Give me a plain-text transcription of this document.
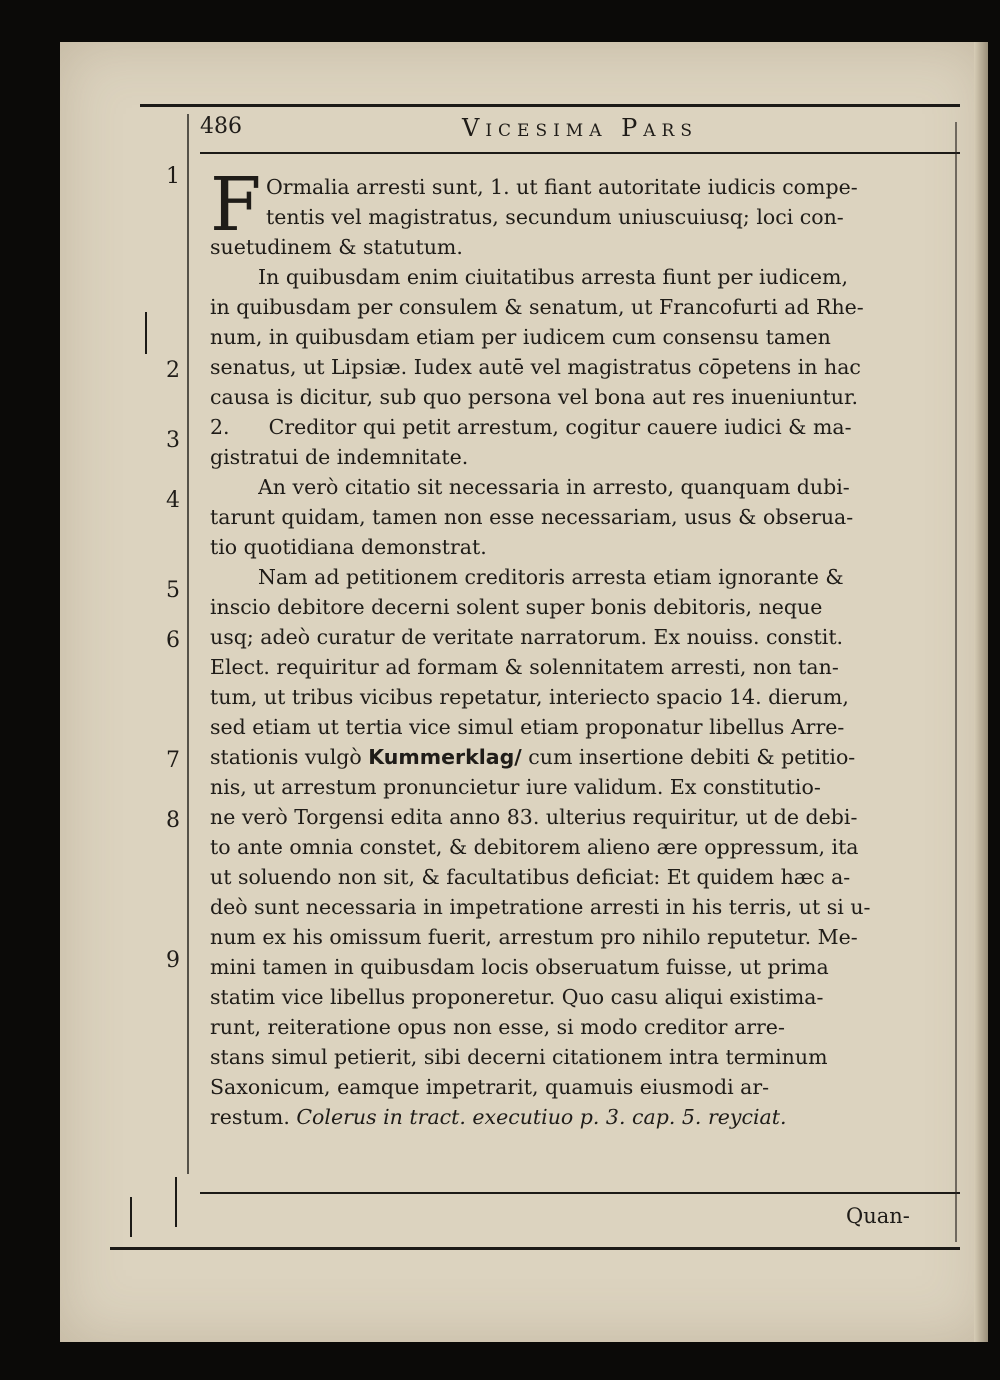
486	Vicesima Pars
1
2
3
4
5
6
7
8
9
F Ormalia arresti sunt, 1. ut fiant autoritate iudicis compe-
tentis vel magistratus, secundum uniuscuiusq; loci con-
suetudinem & statutum.
In quibusdam enim ciuitatibus arresta fiunt per iudicem,
in quibusdam per consulem & senatum, ut Francofurti ad Rhe-
num, in quibusdam etiam per iudicem cum consensu tamen
senatus, ut Lipsiæ. Iudex autē vel magistratus cōpetens in hac
causa is dicitur, sub quo persona vel bona aut res inueniuntur.
2.      Creditor qui petit arrestum, cogitur cauere iudici & ma-
gistratui de indemnitate.
An verò citatio sit necessaria in arresto, quanquam dubi-
tarunt quidam, tamen non esse necessariam, usus & obserua-
tio quotidiana demonstrat.
Nam ad petitionem creditoris arresta etiam ignorante &
inscio debitore decerni solent super bonis debitoris, neque
usq; adeò curatur de veritate narratorum. Ex nouiss. constit.
Elect. requiritur ad formam & solennitatem arresti, non tan-
tum, ut tribus vicibus repetatur, interiecto spacio 14. dierum,
sed etiam ut tertia vice simul etiam proponatur libellus Arre-
stationis vulgò Kummerklag/ cum insertione debiti & petitio-
nis, ut arrestum pronuncietur iure validum. Ex constitutio-
ne verò Torgensi edita anno 83. ulterius requiritur, ut de debi-
to ante omnia constet, & debitorem alieno ære oppressum, ita
ut soluendo non sit, & facultatibus deficiat: Et quidem hæc a-
deò sunt necessaria in impetratione arresti in his terris, ut si u-
num ex his omissum fuerit, arrestum pro nihilo reputetur. Me-
mini tamen in quibusdam locis obseruatum fuisse, ut prima
statim vice libellus proponeretur. Quo casu aliqui existima-
runt, reiteratione opus non esse, si modo creditor arre-
stans simul petierit, sibi decerni citationem intra terminum
Saxonicum, eamque impetrarit, quamuis eiusmodi ar-
restum. Colerus in tract. executiuo p. 3. cap. 5. reyciat.
Quan-
